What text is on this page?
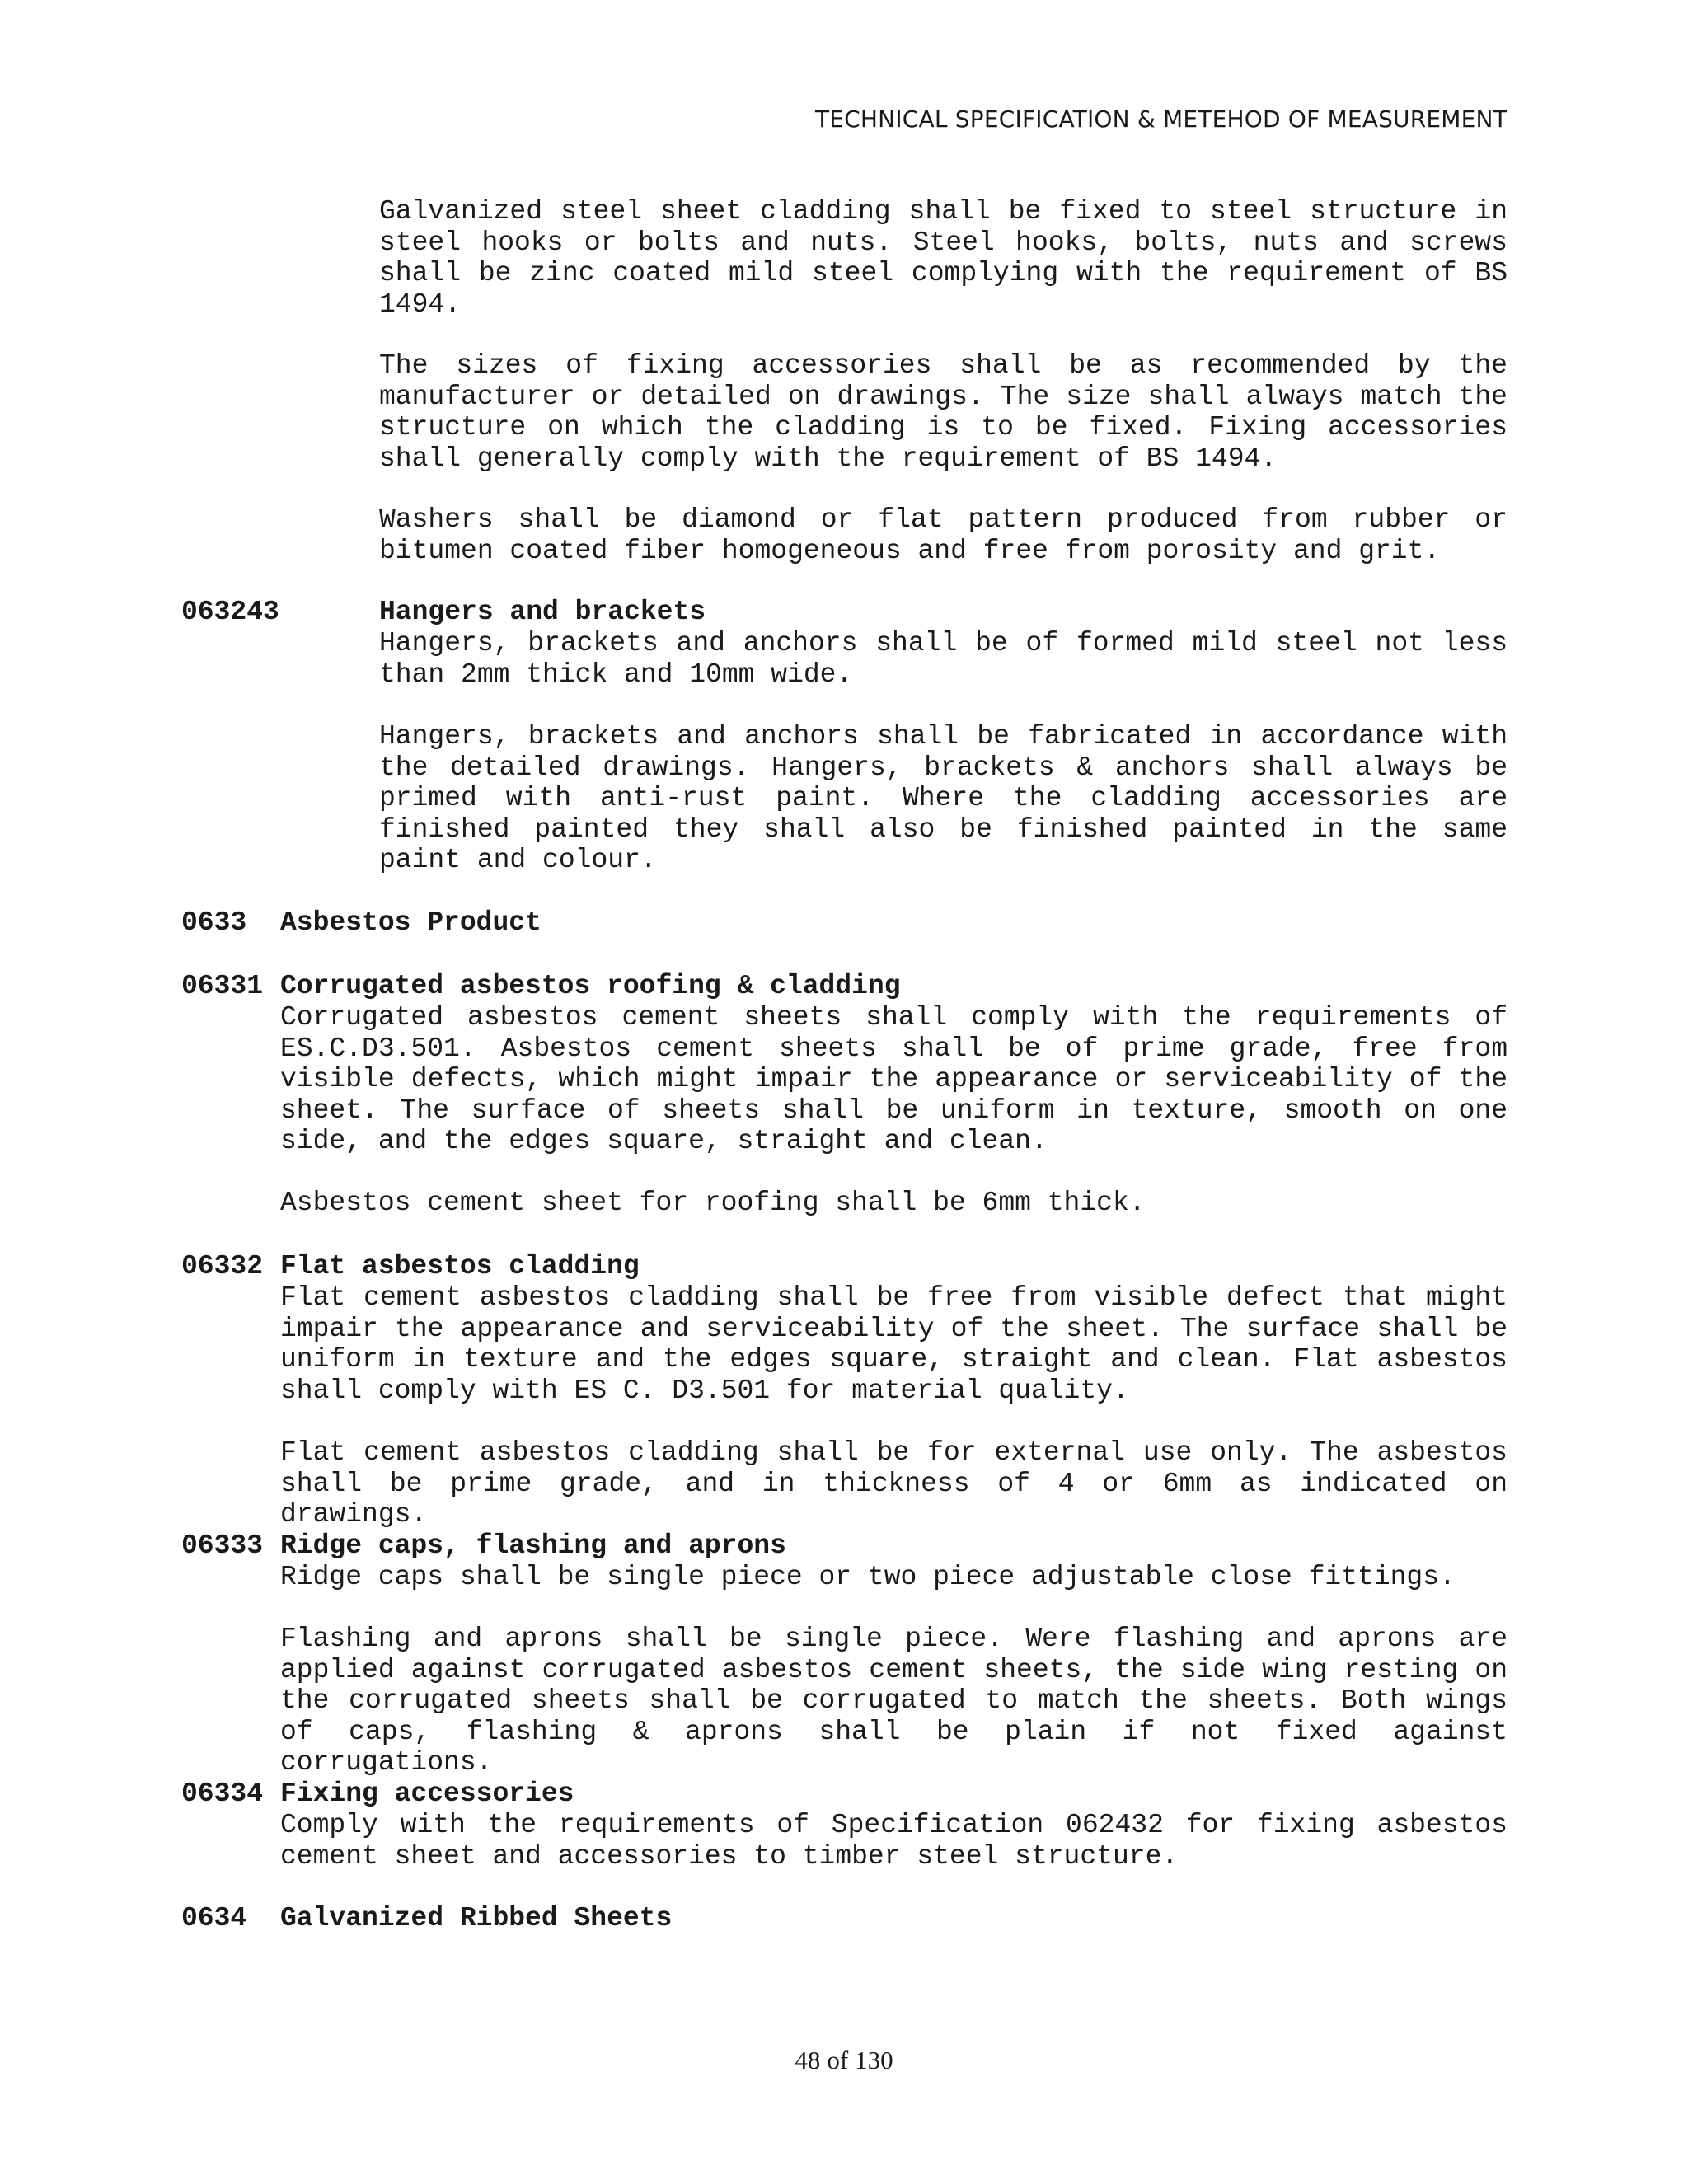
TECHNICAL SPECIFICATION & METEHOD OF MEASUREMENT

Galvanized steel sheet cladding shall be fixed to steel structure in steel hooks or bolts and nuts. Steel hooks, bolts, nuts and screws shall be zinc coated mild steel complying with the requirement of BS 1494.

The sizes of fixing accessories shall be as recommended by the manufacturer or detailed on drawings. The size shall always match the structure on which the cladding is to be fixed. Fixing accessories shall generally comply with the requirement of BS 1494.

Washers shall be diamond or flat pattern produced from rubber or bitumen coated fiber homogeneous and free from porosity and grit.

063243	Hangers and brackets

Hangers, brackets and anchors shall be of formed mild steel not less than 2mm thick and 10mm wide.

Hangers, brackets and anchors shall be fabricated in accordance with the detailed drawings. Hangers, brackets & anchors shall always be primed with anti-rust paint. Where the cladding accessories are finished painted they shall also be finished painted in the same paint and colour.

0633 Asbestos Product
06331 Corrugated asbestos roofing & cladding

Corrugated asbestos cement sheets shall comply with the requirements of ES.C.D3.501. Asbestos cement sheets shall be of prime grade, free from visible defects, which might impair the appearance or serviceability of the sheet. The surface of sheets shall be uniform in texture, smooth on one side, and the edges square, straight and clean.

Asbestos cement sheet for roofing shall be 6mm thick.

06332 Flat asbestos cladding

Flat cement asbestos cladding shall be free from visible defect that might impair the appearance and serviceability of the sheet. The surface shall be uniform in texture and the edges square, straight and clean. Flat asbestos shall comply with ES C. D3.501 for material quality.

Flat cement asbestos cladding shall be for external use only. The asbestos shall be prime grade, and in thickness of 4 or 6mm as indicated on drawings.

06333 Ridge caps, flashing and aprons

Ridge caps shall be single piece or two piece adjustable close fittings.

Flashing and aprons shall be single piece. Were flashing and aprons are applied against corrugated asbestos cement sheets, the side wing resting on the corrugated sheets shall be corrugated to match the sheets. Both wings of caps, flashing & aprons shall be plain if not fixed against corrugations.

06334 Fixing accessories

Comply with the requirements of Specification 062432 for fixing asbestos cement sheet and accessories to timber steel structure.

0634 Galvanized Ribbed Sheets
48 of 130
